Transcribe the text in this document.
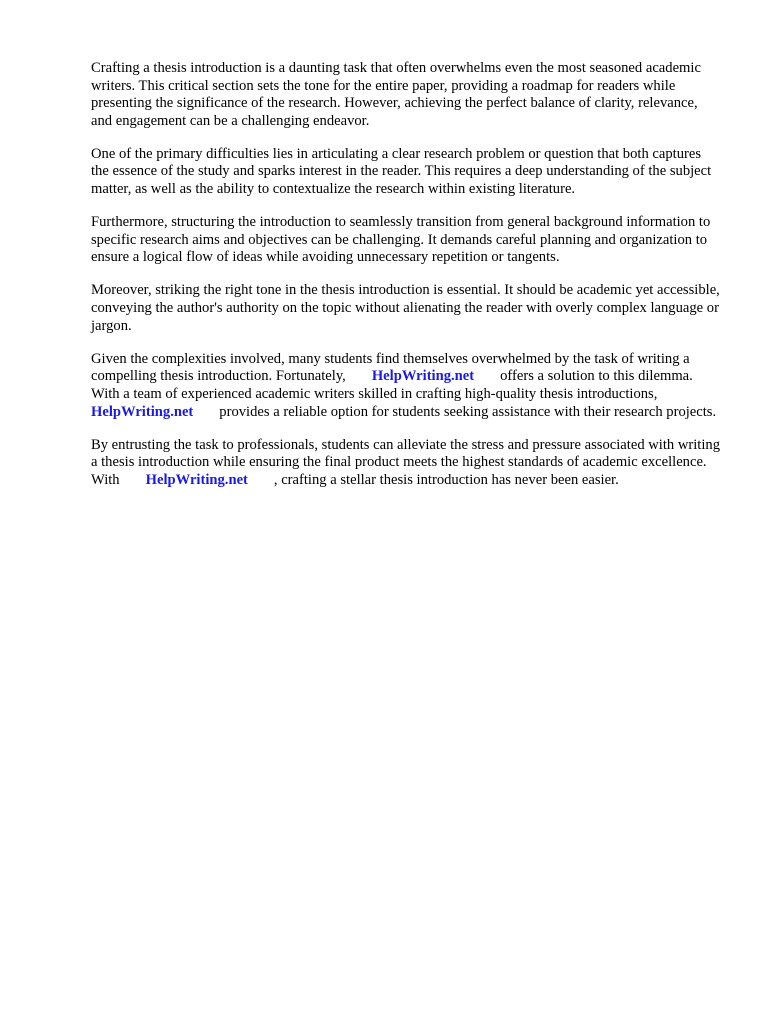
Crafting a thesis introduction is a daunting task that often overwhelms even the most seasoned academic writers. This critical section sets the tone for the entire paper, providing a roadmap for readers while presenting the significance of the research. However, achieving the perfect balance of clarity, relevance, and engagement can be a challenging endeavor.

One of the primary difficulties lies in articulating a clear research problem or question that both captures the essence of the study and sparks interest in the reader. This requires a deep understanding of the subject matter, as well as the ability to contextualize the research within existing literature.

Furthermore, structuring the introduction to seamlessly transition from general background information to specific research aims and objectives can be challenging. It demands careful planning and organization to ensure a logical flow of ideas while avoiding unnecessary repetition or tangents.

Moreover, striking the right tone in the thesis introduction is essential. It should be academic yet accessible, conveying the author's authority on the topic without alienating the reader with overly complex language or jargon.

Given the complexities involved, many students find themselves overwhelmed by the task of writing a compelling thesis introduction. Fortunately, HelpWriting.net offers a solution to this dilemma. With a team of experienced academic writers skilled in crafting high-quality thesis introductions,HelpWriting.net provides a reliable option for students seeking assistance with their research projects.

By entrusting the task to professionals, students can alleviate the stress and pressure associated with writing a thesis introduction while ensuring the final product meets the highest standards of academic excellence. With HelpWriting.net , crafting a stellar thesis introduction has never been easier.
